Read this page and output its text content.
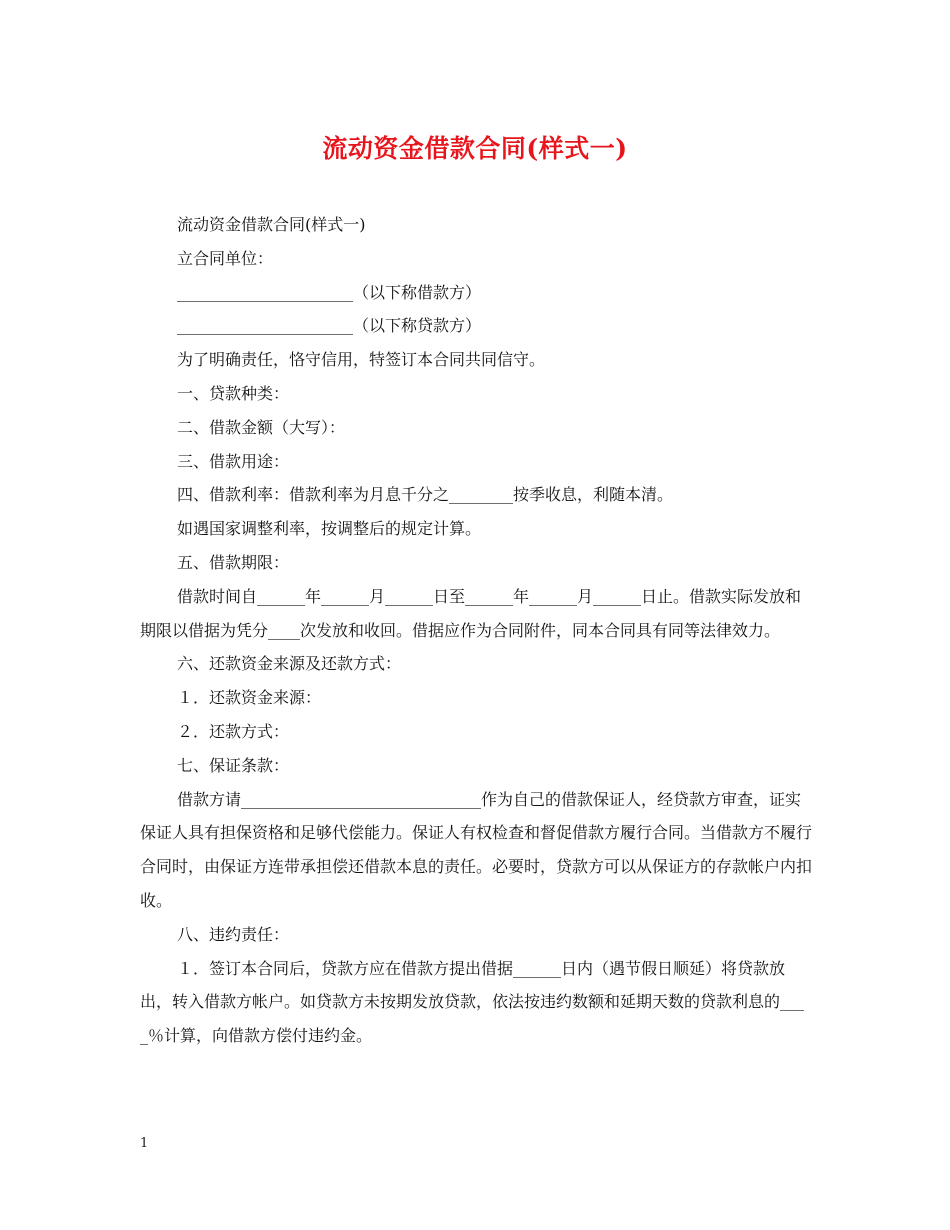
流动资金借款合同(样式一)

流动资金借款合同(样式一)

立合同单位：

______________________（以下称借款方）

______________________（以下称贷款方）

为了明确责任，恪守信用，特签订本合同共同信守。

一、贷款种类：

二、借款金额（大写）：

三、借款用途：

四、借款利率：借款利率为月息千分之________按季收息，利随本清。

如遇国家调整利率，按调整后的规定计算。

五、借款期限：

借款时间自______年______月______日至______年______月______日止。借款实际发放和期限以借据为凭分____次发放和收回。借据应作为合同附件，同本合同具有同等法律效力。

六、还款资金来源及还款方式：

１．还款资金来源：

２．还款方式：

七、保证条款：

借款方请______________________________作为自己的借款保证人，经贷款方审查，证实保证人具有担保资格和足够代偿能力。保证人有权检查和督促借款方履行合同。当借款方不履行合同时，由保证方连带承担偿还借款本息的责任。必要时，贷款方可以从保证方的存款帐户内扣收。

八、违约责任：

１．签订本合同后，贷款方应在借款方提出借据______日内（遇节假日顺延）将贷款放出，转入借款方帐户。如贷款方未按期发放贷款，依法按违约数额和延期天数的贷款利息的____％计算，向借款方偿付违约金。

1
